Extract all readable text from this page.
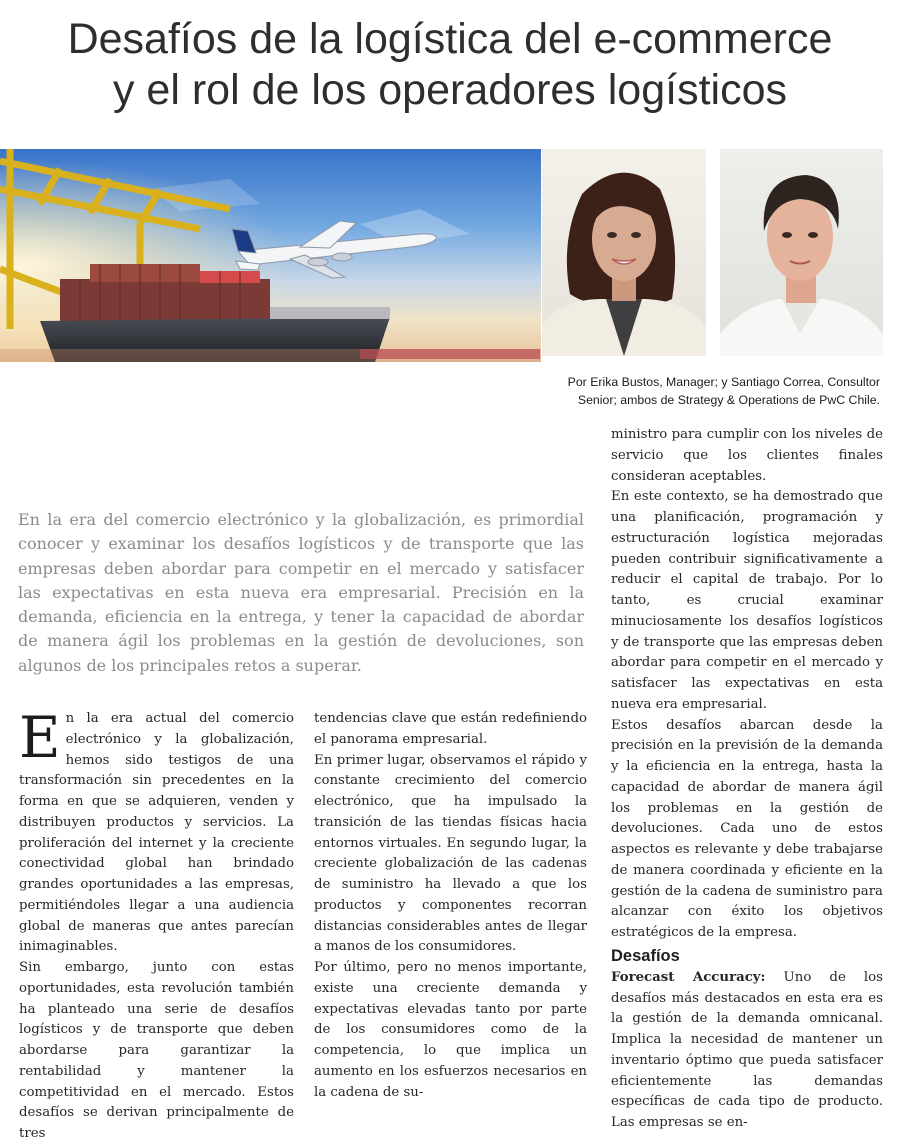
Desafíos de la logística del e-commerce
y el rol de los operadores logísticos
Por Erika Bustos, Manager; y Santiago Correa, Consultor
Senior; ambos de Strategy & Operations de PwC Chile.
En la era del comercio electrónico y la globalización, es primordial conocer y examinar los desafíos logísticos y de transporte que las empresas deben abordar para competir en el mercado y satisfacer las expectativas en esta nueva era empresarial. Precisión en la demanda, eficiencia en la entrega, y tener la capacidad de abordar de manera ágil los problemas en la gestión de devoluciones, son algunos de los principales retos a superar.

En la era actual del comercio electrónico y la globalización, hemos sido testigos de una transformación sin precedentes en la forma en que se adquieren, venden y distribuyen productos y servicios. La proliferación del internet y la creciente conectividad global han brindado grandes oportunidades a las empresas, permitiéndoles llegar a una audiencia global de maneras que antes parecían inimaginables.

Sin embargo, junto con estas oportunidades, esta revolución también ha planteado una serie de desafíos logísticos y de transporte que deben abordarse para garantizar la rentabilidad y mantener la competitividad en el mercado. Estos desafíos se derivan principalmente de tres

tendencias clave que están redefiniendo el panorama empresarial.

En primer lugar, observamos el rápido y constante crecimiento del comercio electrónico, que ha impulsado la transición de las tiendas físicas hacia entornos virtuales. En segundo lugar, la creciente globalización de las cadenas de suministro ha llevado a que los productos y componentes recorran distancias considerables antes de llegar a manos de los consumidores.

Por último, pero no menos importante, existe una creciente demanda y expectativas elevadas tanto por parte de los consumidores como de la competencia, lo que implica un aumento en los esfuerzos necesarios en la cadena de su-

ministro para cumplir con los niveles de servicio que los clientes finales consideran aceptables.

En este contexto, se ha demostrado que una planificación, programación y estructuración logística mejoradas pueden contribuir significativamente a reducir el capital de trabajo. Por lo tanto, es crucial examinar minuciosamente los desafíos logísticos y de transporte que las empresas deben abordar para competir en el mercado y satisfacer las expectativas en esta nueva era empresarial.

Estos desafíos abarcan desde la precisión en la previsión de la demanda y la eficiencia en la entrega, hasta la capacidad de abordar de manera ágil los problemas en la gestión de devoluciones. Cada uno de estos aspectos es relevante y debe trabajarse de manera coordinada y eficiente en la gestión de la cadena de suministro para alcanzar con éxito los objetivos estratégicos de la empresa.

Desafíos

Forecast Accuracy: Uno de los desafíos más destacados en esta era es la gestión de la demanda omnicanal. Implica la necesidad de mantener un inventario óptimo que pueda satisfacer eficientemente las demandas específicas de cada tipo de producto. Las empresas se en-
